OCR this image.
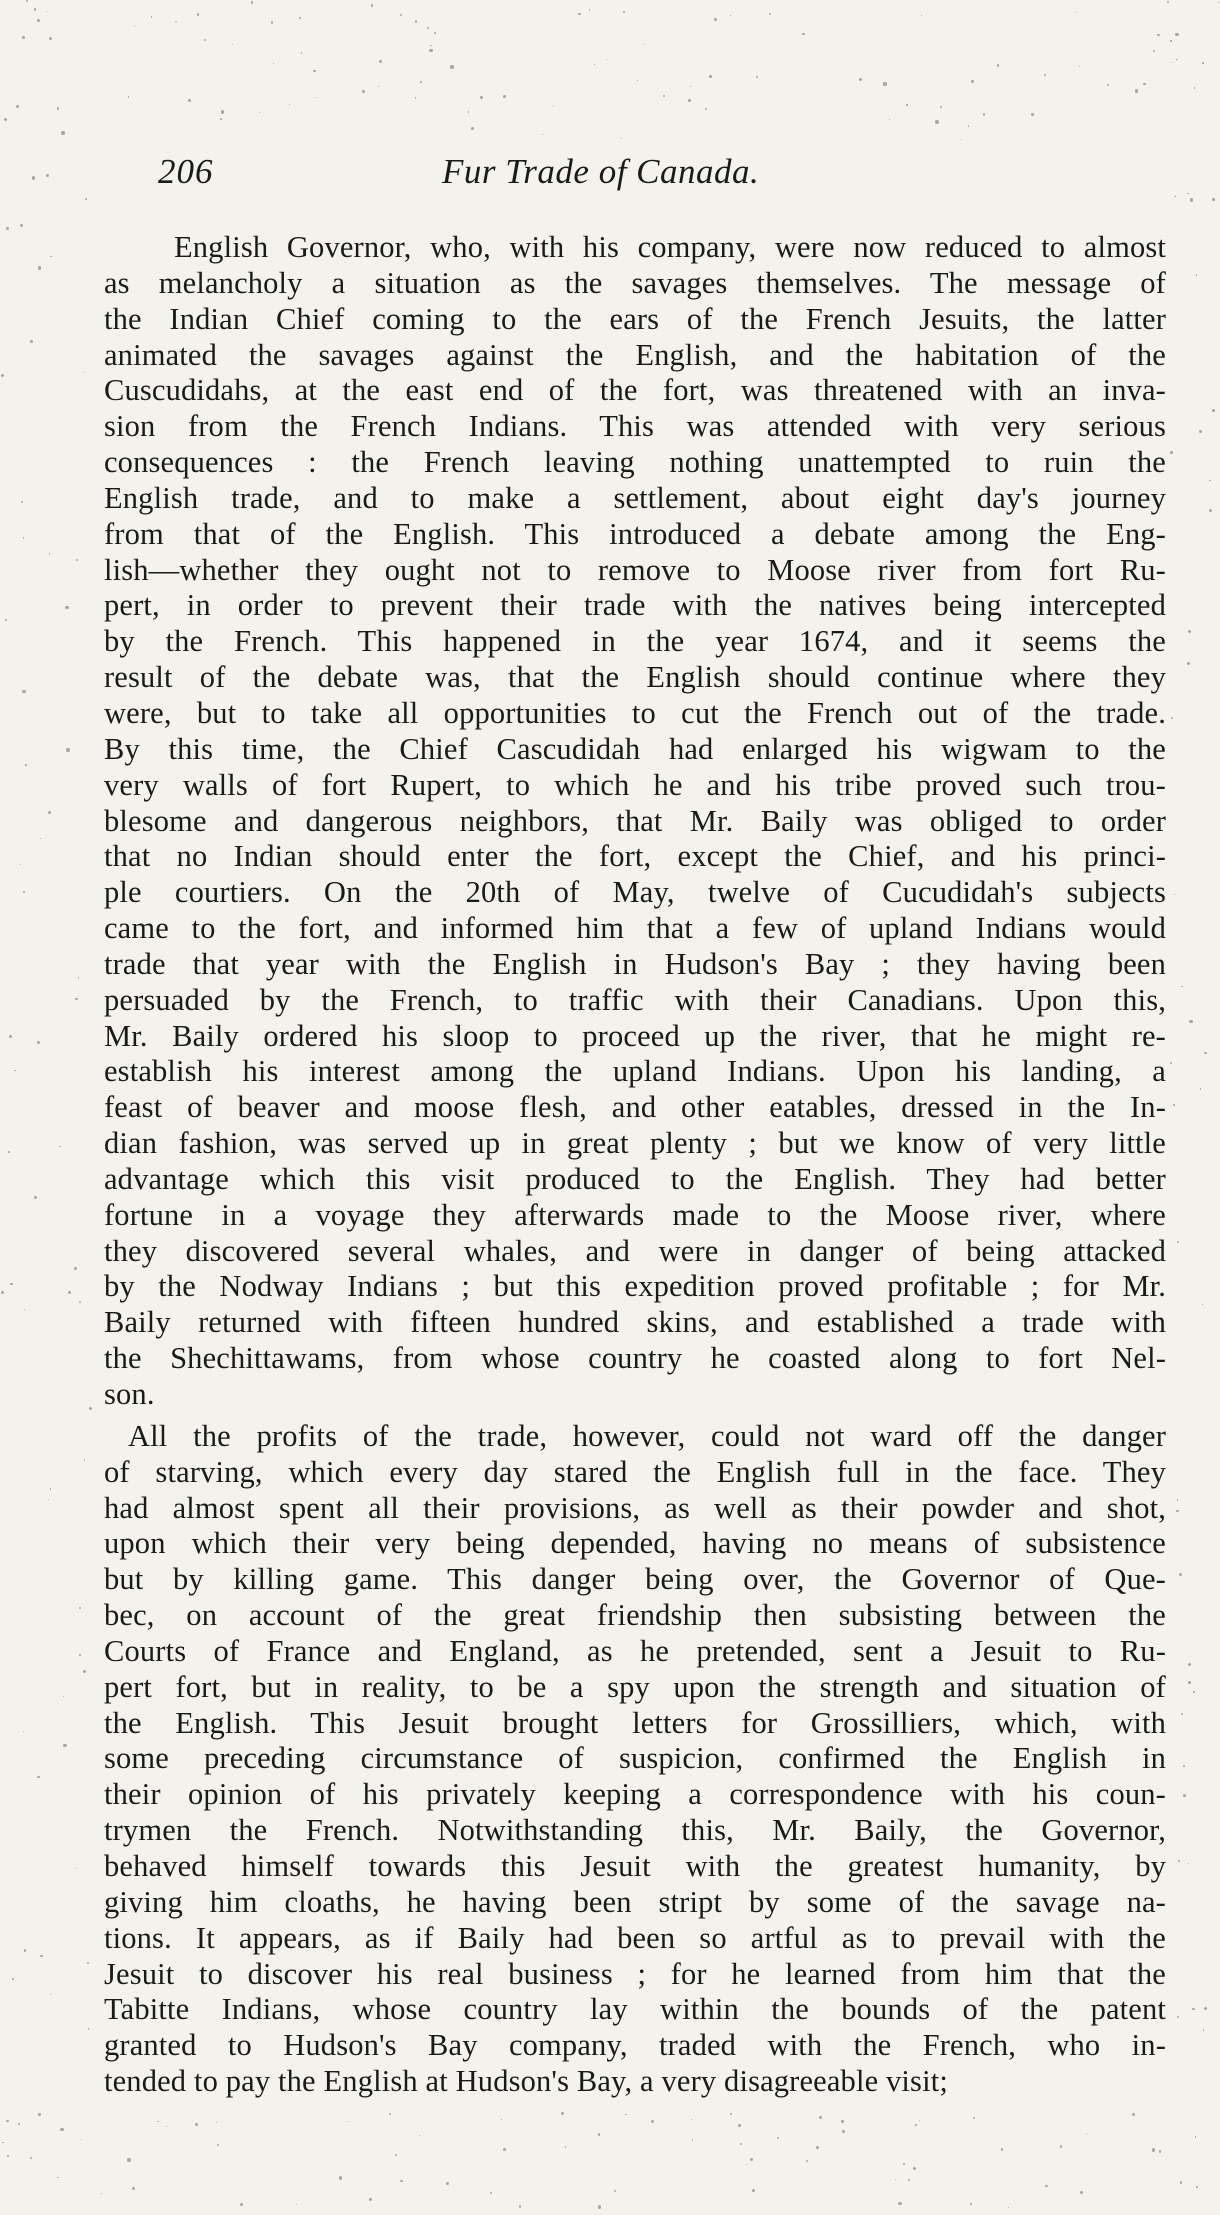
206	Fur Trade of Canada.
English Governor, who, with his company, were now reduced to almost
as melancholy a situation as the savages themselves. The message of
the Indian Chief coming to the ears of the French Jesuits, the latter
animated the savages against the English, and the habitation of the
Cuscudidahs, at the east end of the fort, was threatened with an inva-
sion from the French Indians. This was attended with very serious
consequences : the French leaving nothing unattempted to ruin the
English trade, and to make a settlement, about eight day's journey
from that of the English. This introduced a debate among the Eng-
lish—whether they ought not to remove to Moose river from fort Ru-
pert, in order to prevent their trade with the natives being intercepted
by the French. This happened in the year 1674, and it seems the
result of the debate was, that the English should continue where they
were, but to take all opportunities to cut the French out of the trade.
By this time, the Chief Cascudidah had enlarged his wigwam to the
very walls of fort Rupert, to which he and his tribe proved such trou-
blesome and dangerous neighbors, that Mr. Baily was obliged to order
that no Indian should enter the fort, except the Chief, and his princi-
ple courtiers. On the 20th of May, twelve of Cucudidah's subjects
came to the fort, and informed him that a few of upland Indians would
trade that year with the English in Hudson's Bay ; they having been
persuaded by the French, to traffic with their Canadians. Upon this,
Mr. Baily ordered his sloop to proceed up the river, that he might re-
establish his interest among the upland Indians. Upon his landing, a
feast of beaver and moose flesh, and other eatables, dressed in the In-
dian fashion, was served up in great plenty ; but we know of very little
advantage which this visit produced to the English. They had better
fortune in a voyage they afterwards made to the Moose river, where
they discovered several whales, and were in danger of being attacked
by the Nodway Indians ; but this expedition proved profitable ; for Mr.
Baily returned with fifteen hundred skins, and established a trade with
the Shechittawams, from whose country he coasted along to fort Nel-
son.
All the profits of the trade, however, could not ward off the danger
of starving, which every day stared the English full in the face. They
had almost spent all their provisions, as well as their powder and shot,
upon which their very being depended, having no means of subsistence
but by killing game. This danger being over, the Governor of Que-
bec, on account of the great friendship then subsisting between the
Courts of France and England, as he pretended, sent a Jesuit to Ru-
pert fort, but in reality, to be a spy upon the strength and situation of
the English. This Jesuit brought letters for Grossilliers, which, with
some preceding circumstance of suspicion, confirmed the English in
their opinion of his privately keeping a correspondence with his coun-
trymen the French. Notwithstanding this, Mr. Baily, the Governor,
behaved himself towards this Jesuit with the greatest humanity, by
giving him cloaths, he having been stript by some of the savage na-
tions. It appears, as if Baily had been so artful as to prevail with the
Jesuit to discover his real business ; for he learned from him that the
Tabitte Indians, whose country lay within the bounds of the patent
granted to Hudson's Bay company, traded with the French, who in-
tended to pay the English at Hudson's Bay, a very disagreeable visit;
